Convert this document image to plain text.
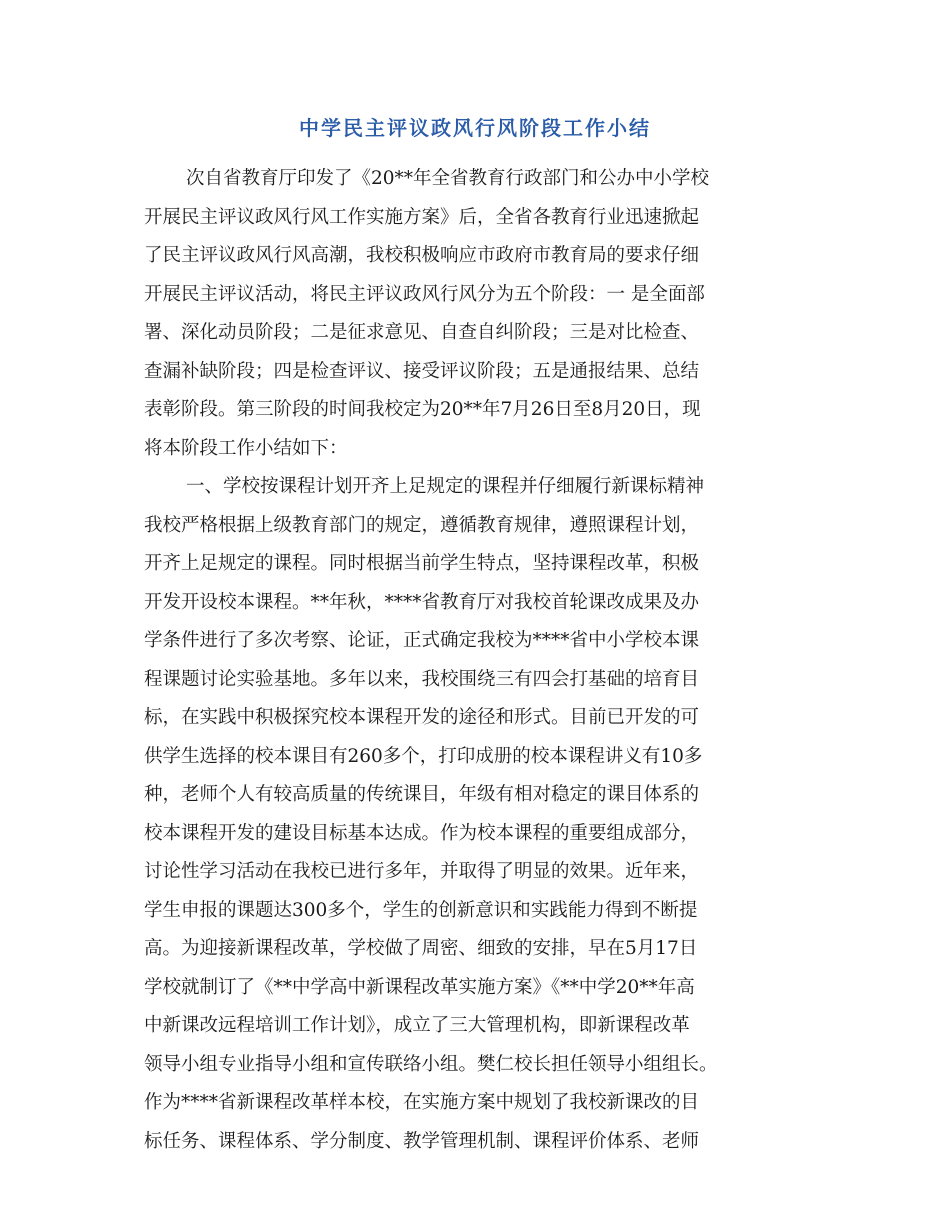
中学民主评议政风行风阶段工作小结
次自省教育厅印发了《20**年全省教育行政部门和公办中小学校
开展民主评议政风行风工作实施方案》后，全省各教育行业迅速掀起
了民主评议政风行风高潮，我校积极响应市政府市教育局的要求仔细
开展民主评议活动，将民主评议政风行风分为五个阶段：一 是全面部
署、深化动员阶段；二是征求意见、自查自纠阶段；三是对比检查、
查漏补缺阶段；四是检查评议、接受评议阶段；五是通报结果、总结
表彰阶段。第三阶段的时间我校定为20**年7月26日至8月20日，现
将本阶段工作小结如下：
一、学校按课程计划开齐上足规定的课程并仔细履行新课标精神
我校严格根据上级教育部门的规定，遵循教育规律，遵照课程计划，
开齐上足规定的课程。同时根据当前学生特点，坚持课程改革，积极
开发开设校本课程。**年秋，****省教育厅对我校首轮课改成果及办
学条件进行了多次考察、论证，正式确定我校为****省中小学校本课
程课题讨论实验基地。多年以来，我校围绕三有四会打基础的培育目
标，在实践中积极探究校本课程开发的途径和形式。目前已开发的可
供学生选择的校本课目有260多个，打印成册的校本课程讲义有10多
种，老师个人有较高质量的传统课目，年级有相对稳定的课目体系的
校本课程开发的建设目标基本达成。作为校本课程的重要组成部分，
讨论性学习活动在我校已进行多年，并取得了明显的效果。近年来，
学生申报的课题达300多个，学生的创新意识和实践能力得到不断提
高。为迎接新课程改革，学校做了周密、细致的安排，早在5月17日
学校就制订了《**中学高中新课程改革实施方案》《**中学20**年高
中新课改远程培训工作计划》，成立了三大管理机构，即新课程改革
领导小组专业指导小组和宣传联络小组。樊仁校长担任领导小组组长。
作为****省新课程改革样本校，在实施方案中规划了我校新课改的目
标任务、课程体系、学分制度、教学管理机制、课程评价体系、老师
